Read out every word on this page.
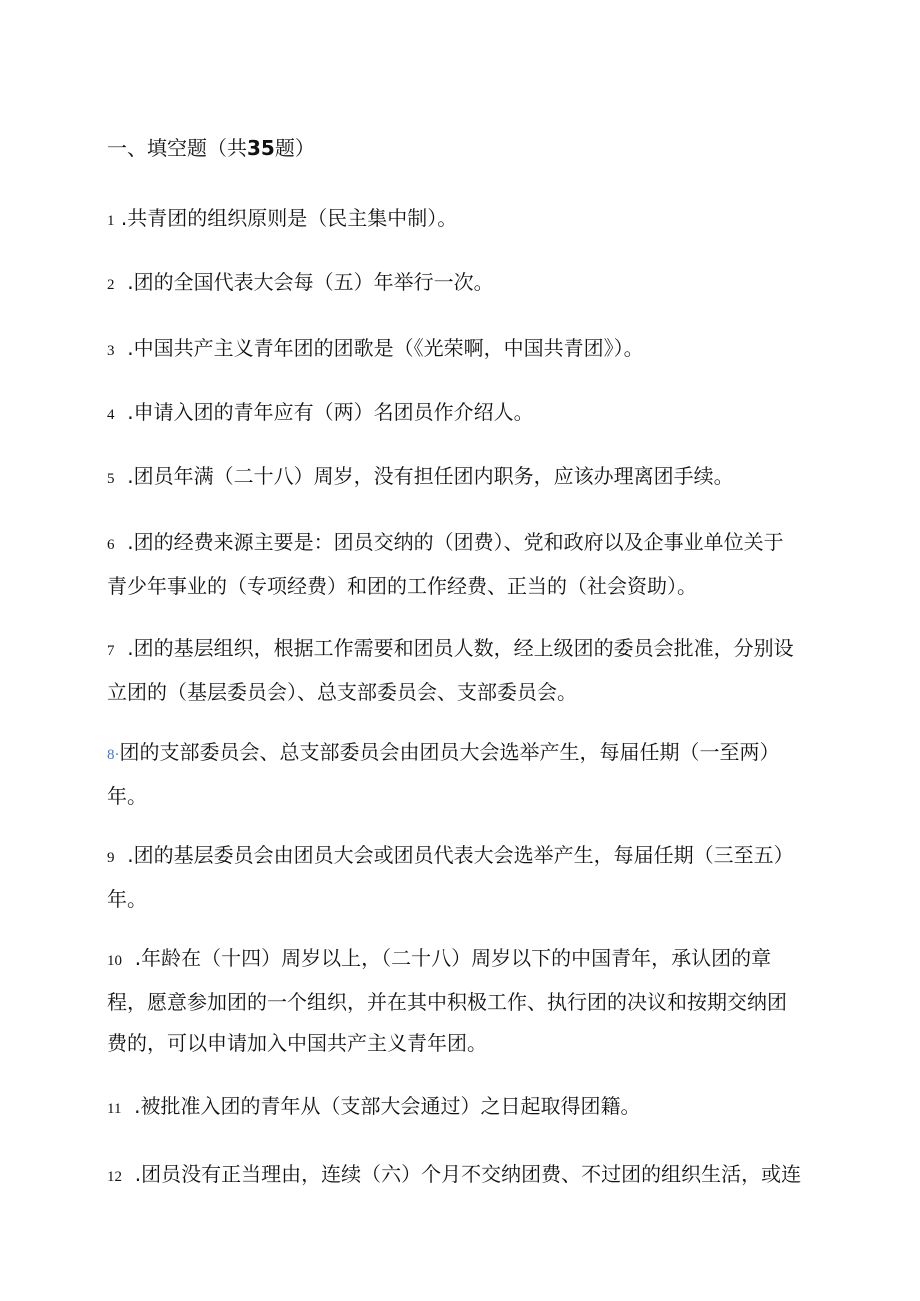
一、填空题（共35题）
1 .共青团的组织原则是（民主集中制）。
2 .团的全国代表大会每（五）年举行一次。
3 .中国共产主义青年团的团歌是（《光荣啊，中国共青团》）。
4 .申请入团的青年应有（两）名团员作介绍人。
5 .团员年满（二十八）周岁，没有担任团内职务，应该办理离团手续。
6 .团的经费来源主要是：团员交纳的（团费）、党和政府以及企事业单位关于
青少年事业的（专项经费）和团的工作经费、正当的（社会资助）。
7 .团的基层组织，根据工作需要和团员人数，经上级团的委员会批准，分别设
立团的（基层委员会）、总支部委员会、支部委员会。
8·团的支部委员会、总支部委员会由团员大会选举产生，每届任期（一至两）
年。
9 .团的基层委员会由团员大会或团员代表大会选举产生，每届任期（三至五）
年。
10 .年龄在（十四）周岁以上，（二十八）周岁以下的中国青年，承认团的章
程，愿意参加团的一个组织，并在其中积极工作、执行团的决议和按期交纳团
费的，可以申请加入中国共产主义青年团。
11 .被批准入团的青年从（支部大会通过）之日起取得团籍。
12 .团员没有正当理由，连续（六）个月不交纳团费、不过团的组织生活，或连
